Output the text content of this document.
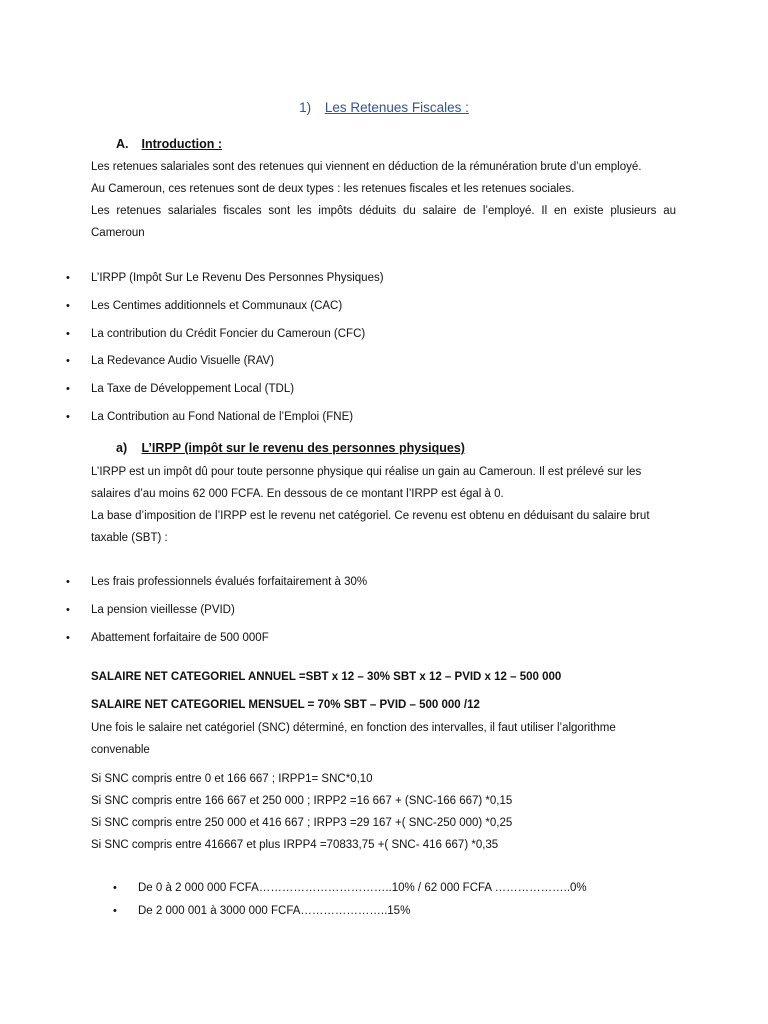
1) Les Retenues Fiscales :
A. Introduction :
Les retenues salariales sont des retenues qui viennent en déduction de la rémunération brute d’un employé.
Au Cameroun, ces retenues sont de deux types : les retenues fiscales et les retenues sociales.
Les retenues salariales fiscales sont les impôts déduits du salaire de l’employé. Il en existe plusieurs au
Cameroun
• L’IRPP (Impôt Sur Le Revenu Des Personnes Physiques)
• Les Centimes additionnels et Communaux (CAC)
• La contribution du Crédit Foncier du Cameroun (CFC)
• La Redevance Audio Visuelle (RAV)
• La Taxe de Développement Local (TDL)
• La Contribution au Fond National de l’Emploi (FNE)
a) L’IRPP (impôt sur le revenu des personnes physiques)
L’IRPP est un impôt dû pour toute personne physique qui réalise un gain au Cameroun. Il est prélevé sur les
salaires d’au moins 62 000 FCFA. En dessous de ce montant l’IRPP est égal à 0.
La base d’imposition de l’IRPP est le revenu net catégoriel. Ce revenu est obtenu en déduisant du salaire brut
taxable (SBT) :
• Les frais professionnels évalués forfaitairement à 30%
• La pension vieillesse (PVID)
• Abattement forfaitaire de 500 000F
SALAIRE NET CATEGORIEL ANNUEL =SBT x 12 – 30% SBT x 12 – PVID x 12 – 500 000
SALAIRE NET CATEGORIEL MENSUEL = 70% SBT – PVID – 500 000 /12
Une fois le salaire net catégoriel (SNC) déterminé, en fonction des intervalles, il faut utiliser l’algorithme
convenable
Si SNC compris entre 0 et 166 667 ; IRPP1= SNC*0,10
Si SNC compris entre 166 667 et 250 000 ; IRPP2 =16 667 + (SNC-166 667) *0,15
Si SNC compris entre 250 000 et 416 667 ; IRPP3 =29 167 +( SNC-250 000) *0,25
Si SNC compris entre 416667 et plus IRPP4 =70833,75 +( SNC- 416 667) *0,35
• De 0 à 2 000 000 FCFA……………………………..10% / 62 000 FCFA ………………..0%
• De 2 000 001 à 3000 000 FCFA…………………..15%
